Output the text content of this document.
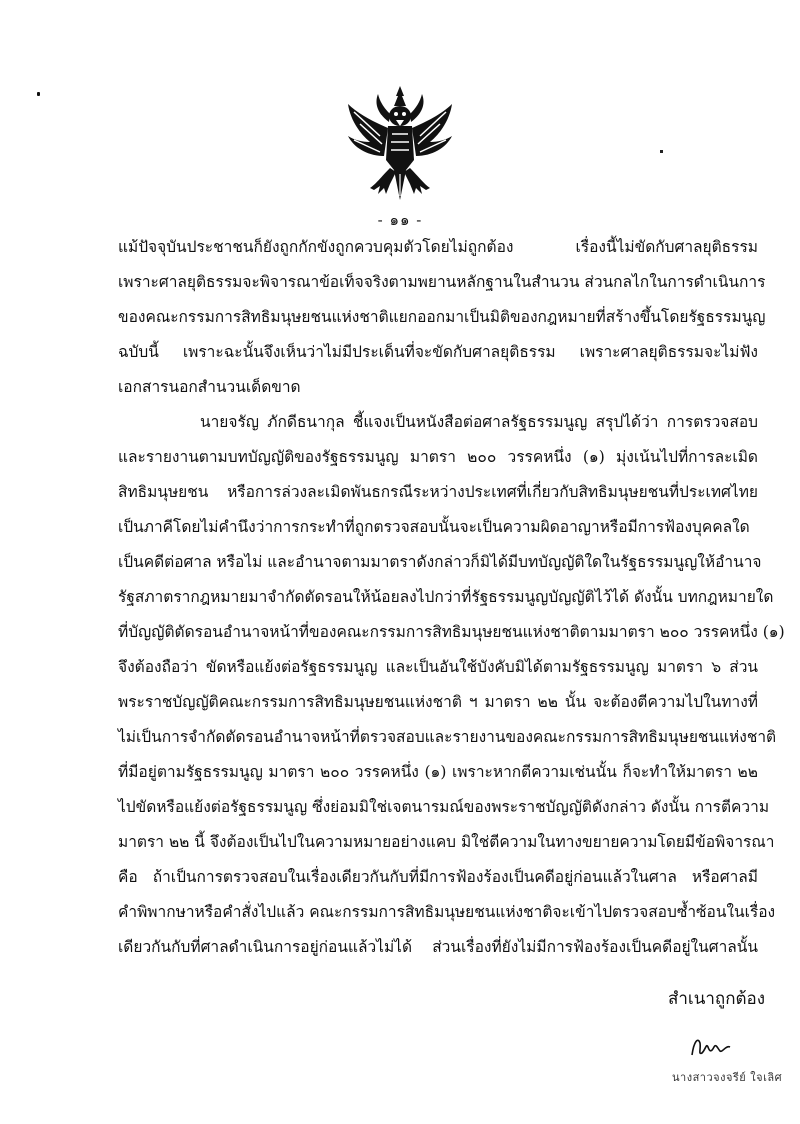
- ๑๑ -
แม้ปัจจุบันประชาชนก็ยังถูกกักขังถูกควบคุมตัวโดยไม่ถูกต้อง เรื่องนี้ไม่ขัดกับศาลยุติธรรม
เพราะศาลยุติธรรมจะพิจารณาข้อเท็จจริงตามพยานหลักฐานในสำนวน ส่วนกลไกในการดำเนินการ
ของคณะกรรมการสิทธิมนุษยชนแห่งชาติแยกออกมาเป็นมิติของกฎหมายที่สร้างขึ้นโดยรัฐธรรมนูญ
ฉบับนี้ เพราะฉะนั้นจึงเห็นว่าไม่มีประเด็นที่จะขัดกับศาลยุติธรรม เพราะศาลยุติธรรมจะไม่ฟัง
เอกสารนอกสำนวนเด็ดขาด
นายจรัญ ภักดีธนากุล ชี้แจงเป็นหนังสือต่อศาลรัฐธรรมนูญ สรุปได้ว่า การตรวจสอบ
และรายงานตามบทบัญญัติของรัฐธรรมนูญ มาตรา ๒๐๐ วรรคหนึ่ง (๑) มุ่งเน้นไปที่การละเมิด
สิทธิมนุษยชน หรือการล่วงละเมิดพันธกรณีระหว่างประเทศที่เกี่ยวกับสิทธิมนุษยชนที่ประเทศไทย
เป็นภาคีโดยไม่คำนึงว่าการกระทำที่ถูกตรวจสอบนั้นจะเป็นความผิดอาญาหรือมีการฟ้องบุคคลใด
เป็นคดีต่อศาล หรือไม่ และอำนาจตามมาตราดังกล่าวก็มิได้มีบทบัญญัติใดในรัฐธรรมนูญให้อำนาจ
รัฐสภาตรากฎหมายมาจำกัดตัดรอนให้น้อยลงไปกว่าที่รัฐธรรมนูญบัญญัติไว้ได้ ดังนั้น บทกฎหมายใด
ที่บัญญัติตัดรอนอำนาจหน้าที่ของคณะกรรมการสิทธิมนุษยชนแห่งชาติตามมาตรา ๒๐๐ วรรคหนึ่ง (๑)
จึงต้องถือว่า ขัดหรือแย้งต่อรัฐธรรมนูญ และเป็นอันใช้บังคับมิได้ตามรัฐธรรมนูญ มาตรา ๖ ส่วน
พระราชบัญญัติคณะกรรมการสิทธิมนุษยชนแห่งชาติ ฯ มาตรา ๒๒ นั้น จะต้องตีความไปในทางที่
ไม่เป็นการจำกัดตัดรอนอำนาจหน้าที่ตรวจสอบและรายงานของคณะกรรมการสิทธิมนุษยชนแห่งชาติ
ที่มีอยู่ตามรัฐธรรมนูญ มาตรา ๒๐๐ วรรคหนึ่ง (๑) เพราะหากตีความเช่นนั้น ก็จะทำให้มาตรา ๒๒
ไปขัดหรือแย้งต่อรัฐธรรมนูญ ซึ่งย่อมมิใช่เจตนารมณ์ของพระราชบัญญัติดังกล่าว ดังนั้น การตีความ
มาตรา ๒๒ นี้ จึงต้องเป็นไปในความหมายอย่างแคบ มิใช่ตีความในทางขยายความโดยมีข้อพิจารณา
คือ ถ้าเป็นการตรวจสอบในเรื่องเดียวกันกับที่มีการฟ้องร้องเป็นคดีอยู่ก่อนแล้วในศาล หรือศาลมี
คำพิพากษาหรือคำสั่งไปแล้ว คณะกรรมการสิทธิมนุษยชนแห่งชาติจะเข้าไปตรวจสอบซ้ำซ้อนในเรื่อง
เดียวกันกับที่ศาลดำเนินการอยู่ก่อนแล้วไม่ได้ ส่วนเรื่องที่ยังไม่มีการฟ้องร้องเป็นคดีอยู่ในศาลนั้น
สำเนาถูกต้อง
นางสาวจงจรีย์ ใจเลิศ
